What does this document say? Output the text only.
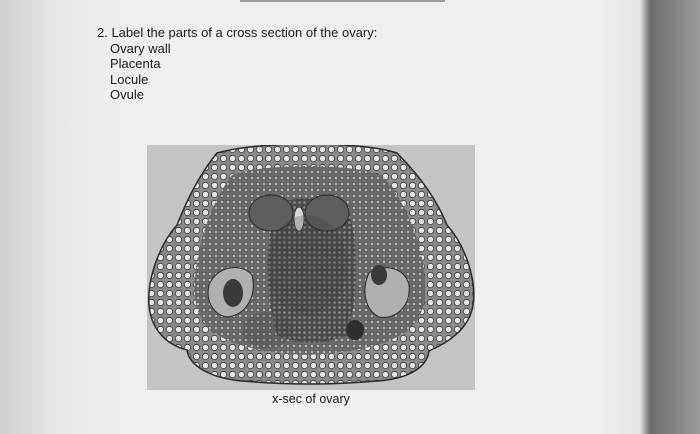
2. Label the parts of a cross section of the ovary:

Ovary wall
Placenta
Locule
Ovule
x-sec of ovary
